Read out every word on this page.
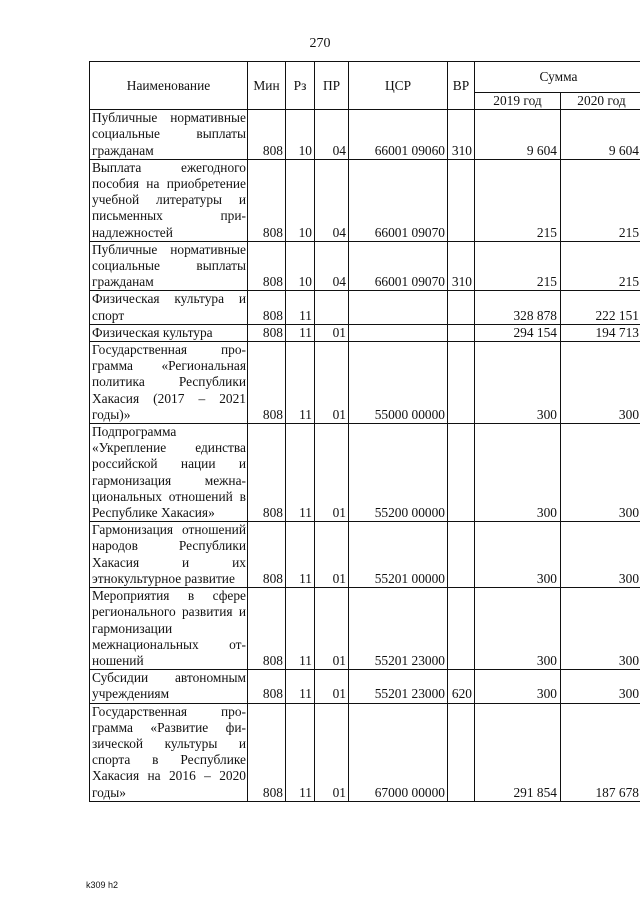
270
Наименование	Мин	Рз	ПР	ЦСР	ВР	Сумма	
						2019 год	2020 год
Публичные нормативные социальные выплаты гражданам	808	10	04	66001 09060	310	9 604	9 604
Выплата ежегодного пособия на приобретение учебной литературы и письменных принадлежностей	808	10	04	66001 09070		215	215
Публичные нормативные социальные выплаты гражданам	808	10	04	66001 09070	310	215	215
Физическая культура и спорт	808	11				328 878	222 151
Физическая культура	808	11	01			294 154	194 713
Государственная программа «Региональная политика Республики Хакасия (2017 – 2021 годы)»	808	11	01	55000 00000		300	300
Подпрограмма «Укрепление единства российской нации и гармонизация межнациональных отношений в Республике Хакасия»	808	11	01	55200 00000		300	300
Гармонизация отношений народов Республики Хакасия и их этнокультурное развитие	808	11	01	55201 00000		300	300
Мероприятия в сфере регионального развития и гармонизации межнациональных отношений	808	11	01	55201 23000		300	300
Субсидии автономным учреждениям	808	11	01	55201 23000	620	300	300
Государственная программа «Развитие физической культуры и спорта в Республике Хакасия на 2016 – 2020 годы»	808	11	01	67000 00000		291 854	187 678
k309 h2
